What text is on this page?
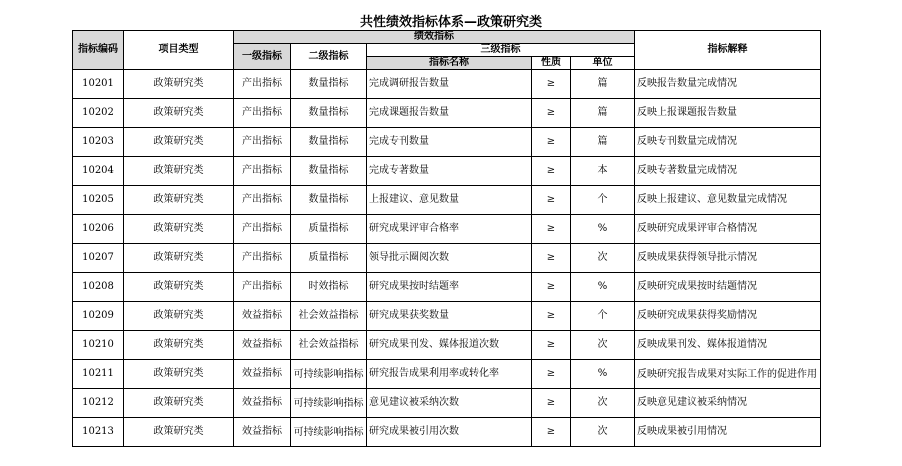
共性绩效指标体系—政策研究类
指标编码	项目类型	绩效指标					指标解释
		一级指标	二级指标	三级指标			
				指标名称	性质	单位	
10201	政策研究类	产出指标	数量指标	完成调研报告数量	≥	篇	反映报告数量完成情况
10202	政策研究类	产出指标	数量指标	完成课题报告数量	≥	篇	反映上报课题报告数量
10203	政策研究类	产出指标	数量指标	完成专刊数量	≥	篇	反映专刊数量完成情况
10204	政策研究类	产出指标	数量指标	完成专著数量	≥	本	反映专著数量完成情况
10205	政策研究类	产出指标	数量指标	上报建议、意见数量	≥	个	反映上报建议、意见数量完成情况
10206	政策研究类	产出指标	质量指标	研究成果评审合格率	≥	%	反映研究成果评审合格情况
10207	政策研究类	产出指标	质量指标	领导批示圈阅次数	≥	次	反映成果获得领导批示情况
10208	政策研究类	产出指标	时效指标	研究成果按时结题率	≥	%	反映研究成果按时结题情况
10209	政策研究类	效益指标	社会效益指标	研究成果获奖数量	≥	个	反映研究成果获得奖励情况
10210	政策研究类	效益指标	社会效益指标	研究成果刊发、媒体报道次数	≥	次	反映成果刊发、媒体报道情况
10211	政策研究类	效益指标	可持续影响指标	研究报告成果利用率或转化率	≥	%	反映研究报告成果对实际工作的促进作用
10212	政策研究类	效益指标	可持续影响指标	意见建议被采纳次数	≥	次	反映意见建议被采纳情况
10213	政策研究类	效益指标	可持续影响指标	研究成果被引用次数	≥	次	反映成果被引用情况
